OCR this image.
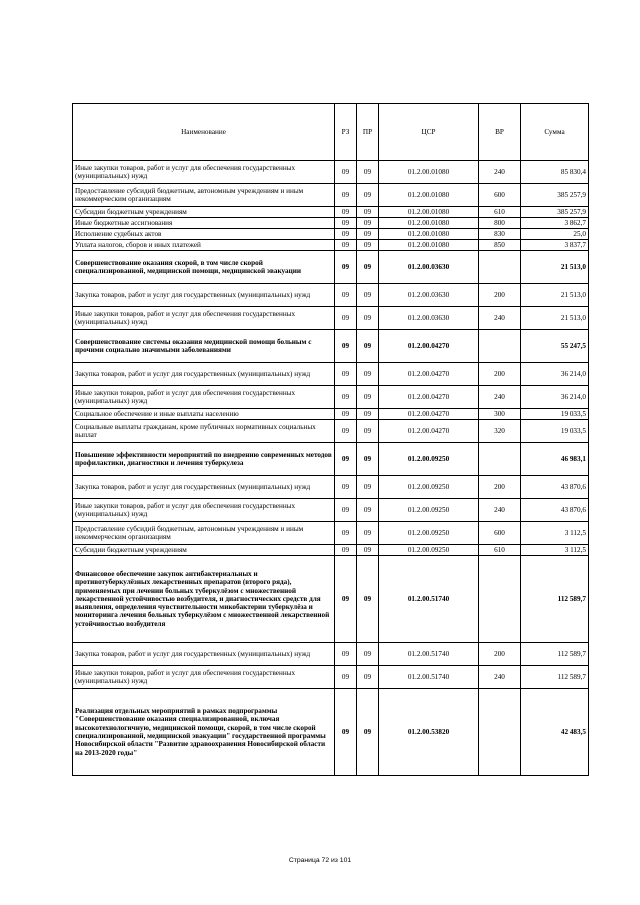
Наименование	РЗ	ПР	ЦСР	ВР	Сумма
Иные закупки товаров, работ и услуг для обеспечения государственных (муниципальных) нужд	09	09	01.2.00.01080	240	85 830,4
Предоставление субсидий бюджетным, автономным учреждениям и иным некоммерческим организациям	09	09	01.2.00.01080	600	385 257,9
Субсидии бюджетным учреждениям	09	09	01.2.00.01080	610	385 257,9
Иные бюджетные ассигнования	09	09	01.2.00.01080	800	3 862,7
Исполнение судебных актов	09	09	01.2.00.01080	830	25,0
Уплата налогов, сборов и иных платежей	09	09	01.2.00.01080	850	3 837,7
Совершенствование оказания скорой, в том числе скорой специализированной, медицинской помощи, медицинской эвакуации	09	09	01.2.00.03630		21 513,0
Закупка товаров, работ и услуг для государственных (муниципальных) нужд	09	09	01.2.00.03630	200	21 513,0
Иные закупки товаров, работ и услуг для обеспечения государственных (муниципальных) нужд	09	09	01.2.00.03630	240	21 513,0
Совершенствование системы оказания медицинской помощи больным с прочими социально значимыми заболеваниями	09	09	01.2.00.04270		55 247,5
Закупка товаров, работ и услуг для государственных (муниципальных) нужд	09	09	01.2.00.04270	200	36 214,0
Иные закупки товаров, работ и услуг для обеспечения государственных (муниципальных) нужд	09	09	01.2.00.04270	240	36 214,0
Социальное обеспечение и иные выплаты населению	09	09	01.2.00.04270	300	19 033,5
Социальные выплаты гражданам, кроме публичных нормативных социальных выплат	09	09	01.2.00.04270	320	19 033,5
Повышение эффективности мероприятий по внедрению современных методов профилактики, диагностики и лечения туберкулеза	09	09	01.2.00.09250		46 983,1
Закупка товаров, работ и услуг для государственных (муниципальных) нужд	09	09	01.2.00.09250	200	43 870,6
Иные закупки товаров, работ и услуг для обеспечения государственных (муниципальных) нужд	09	09	01.2.00.09250	240	43 870,6
Предоставление субсидий бюджетным, автономным учреждениям и иным некоммерческим организациям	09	09	01.2.00.09250	600	3 112,5
Субсидии бюджетным учреждениям	09	09	01.2.00.09250	610	3 112,5
Финансовое обеспечение закупок антибактериальных и противотуберкулёзных лекарственных препаратов (второго ряда), применяемых при лечении больных туберкулёзом с множественной лекарственной устойчивостью возбудителя, и диагностических средств для выявления, определения чувствительности микобактерии туберкулёза и мониторинга лечения больных туберкулёзом с множественной лекарственной устойчивостью возбудителя	09	09	01.2.00.51740		112 589,7
Закупка товаров, работ и услуг для государственных (муниципальных) нужд	09	09	01.2.00.51740	200	112 589,7
Иные закупки товаров, работ и услуг для обеспечения государственных (муниципальных) нужд	09	09	01.2.00.51740	240	112 589,7
Реализация отдельных мероприятий в рамках подпрограммы "Совершенствование оказания специализированной, включая высокотехнологичную, медицинской помощи, скорой, в том числе скорой специализированной, медицинской эвакуации" государственной программы Новосибирской области "Развитие здравоохранения Новосибирской области на 2013-2020 годы"	09	09	01.2.00.53820		42 483,5
Страница 72 из 101
